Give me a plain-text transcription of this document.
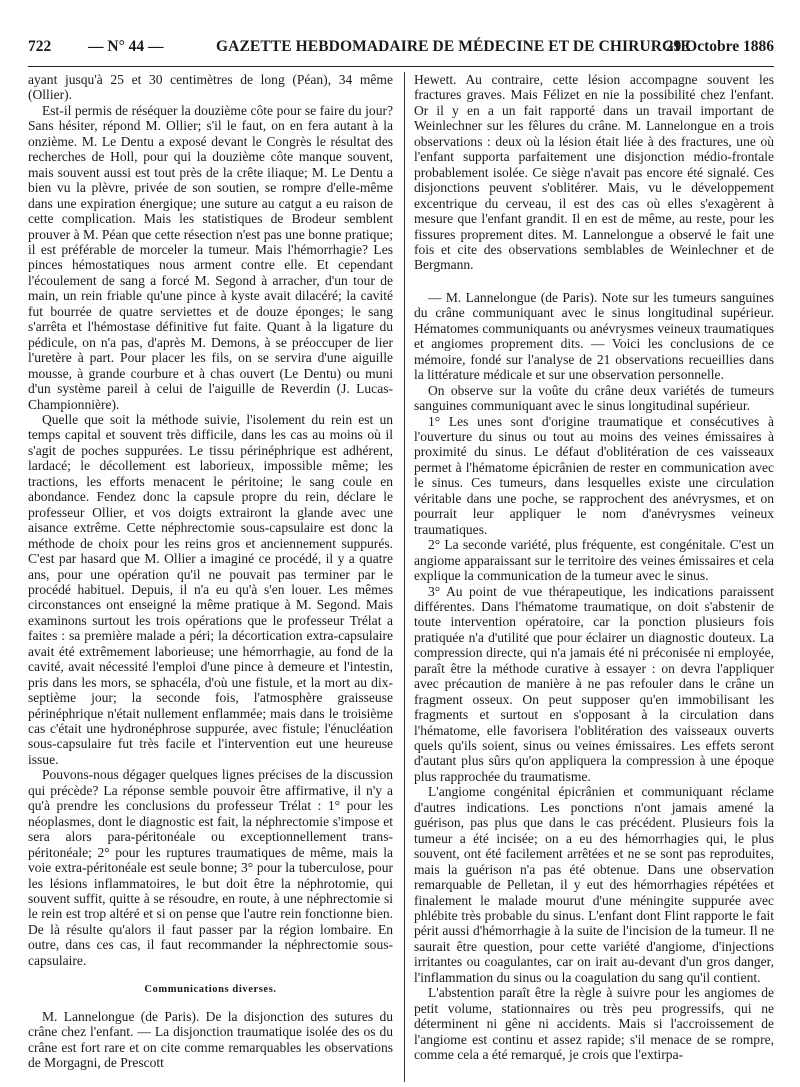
722 — N° 44 —	GAZETTE HEBDOMADAIRE DE MÉDECINE ET DE CHIRURGIE
29 Octobre 1886

ayant jusqu'à 25 et 30 centimètres de long (Péan), 34 même (Ollier).

Est-il permis de réséquer la douzième côte pour se faire du jour? Sans hésiter, répond M. Ollier; s'il le faut, on en fera autant à la onzième. M. Le Dentu a exposé devant le Congrès le résultat des recherches de Holl, pour qui la douzième côte manque souvent, mais souvent aussi est tout près de la crête iliaque; M. Le Dentu a bien vu la plèvre, privée de son soutien, se rompre d'elle-même dans une expiration énergique; une suture au catgut a eu raison de cette complication. Mais les statistiques de Brodeur semblent prouver à M. Péan que cette résection n'est pas une bonne pratique; il est préférable de morceler la tumeur. Mais l'hémorrhagie? Les pinces hémostatiques nous arment contre elle. Et cependant l'écoulement de sang a forcé M. Segond à arracher, d'un tour de main, un rein friable qu'une pince à kyste avait dilacéré; la cavité fut bourrée de quatre serviettes et de douze éponges; le sang s'arrêta et l'hémostase définitive fut faite. Quant à la ligature du pédicule, on n'a pas, d'après M. Demons, à se préoccuper de lier l'uretère à part. Pour placer les fils, on se servira d'une aiguille mousse, à grande courbure et à chas ouvert (Le Dentu) ou muni d'un système pareil à celui de l'aiguille de Reverdin (J. Lucas-Championnière).

Quelle que soit la méthode suivie, l'isolement du rein est un temps capital et souvent très difficile, dans les cas au moins où il s'agit de poches suppurées. Le tissu périnéphrique est adhérent, lardacé; le décollement est laborieux, impossible même; les tractions, les efforts menacent le péritoine; le sang coule en abondance. Fendez donc la capsule propre du rein, déclare le professeur Ollier, et vos doigts extrairont la glande avec une aisance extrême. Cette néphrectomie sous-capsulaire est donc la méthode de choix pour les reins gros et anciennement suppurés. C'est par hasard que M. Ollier a imaginé ce procédé, il y a quatre ans, pour une opération qu'il ne pouvait pas terminer par le procédé habituel. Depuis, il n'a eu qu'à s'en louer. Les mêmes circonstances ont enseigné la même pratique à M. Segond. Mais examinons surtout les trois opérations que le professeur Trélat a faites : sa première malade a péri; la décortication extra-capsulaire avait été extrêmement laborieuse; une hémorrhagie, au fond de la cavité, avait nécessité l'emploi d'une pince à demeure et l'intestin, pris dans les mors, se sphacéla, d'où une fistule, et la mort au dix-septième jour; la seconde fois, l'atmosphère graisseuse périnéphrique n'était nullement enflammée; mais dans le troisième cas c'était une hydronéphrose suppurée, avec fistule; l'énucléation sous-capsulaire fut très facile et l'intervention eut une heureuse issue.

Pouvons-nous dégager quelques lignes précises de la discussion qui précède? La réponse semble pouvoir être affirmative, il n'y a qu'à prendre les conclusions du professeur Trélat : 1° pour les néoplasmes, dont le diagnostic est fait, la néphrectomie s'impose et sera alors para-péritonéale ou exceptionnellement trans-péritonéale; 2° pour les ruptures traumatiques de même, mais la voie extra-péritonéale est seule bonne; 3° pour la tuberculose, pour les lésions inflammatoires, le but doit être la néphrotomie, qui souvent suffit, quitte à se résoudre, en route, à une néphrectomie si le rein est trop altéré et si on pense que l'autre rein fonctionne bien. De là résulte qu'alors il faut passer par la région lombaire. En outre, dans ces cas, il faut recommander la néphrectomie sous-capsulaire.

Communications diverses.

M. Lannelongue (de Paris). De la disjonction des sutures du crâne chez l'enfant. — La disjonction traumatique isolée des os du crâne est fort rare et on cite comme remarquables les observations de Morgagni, de Prescott

Hewett. Au contraire, cette lésion accompagne souvent les fractures graves. Mais Félizet en nie la possibilité chez l'enfant. Or il y en a un fait rapporté dans un travail important de Weinlechner sur les fêlures du crâne. M. Lannelongue en a trois observations : deux où la lésion était liée à des fractures, une où l'enfant supporta parfaitement une disjonction médio-frontale probablement isolée. Ce siège n'avait pas encore été signalé. Ces disjonctions peuvent s'oblitérer. Mais, vu le développement excentrique du cerveau, il est des cas où elles s'exagèrent à mesure que l'enfant grandit. Il en est de même, au reste, pour les fissures proprement dites. M. Lannelongue a observé le fait une fois et cite des observations semblables de Weinlechner et de Bergmann.

— M. Lannelongue (de Paris). Note sur les tumeurs sanguines du crâne communiquant avec le sinus longitudinal supérieur. Hématomes communiquants ou anévrysmes veineux traumatiques et angiomes proprement dits. — Voici les conclusions de ce mémoire, fondé sur l'analyse de 21 observations recueillies dans la littérature médicale et sur une observation personnelle.

On observe sur la voûte du crâne deux variétés de tumeurs sanguines communiquant avec le sinus longitudinal supérieur.

1° Les unes sont d'origine traumatique et consécutives à l'ouverture du sinus ou tout au moins des veines émissaires à proximité du sinus. Le défaut d'oblitération de ces vaisseaux permet à l'hématome épicrânien de rester en communication avec le sinus. Ces tumeurs, dans lesquelles existe une circulation véritable dans une poche, se rapprochent des anévrysmes, et on pourrait leur appliquer le nom d'anévrysmes veineux traumatiques.

2° La seconde variété, plus fréquente, est congénitale. C'est un angiome apparaissant sur le territoire des veines émissaires et cela explique la communication de la tumeur avec le sinus.

3° Au point de vue thérapeutique, les indications paraissent différentes. Dans l'hématome traumatique, on doit s'abstenir de toute intervention opératoire, car la ponction plusieurs fois pratiquée n'a d'utilité que pour éclairer un diagnostic douteux. La compression directe, qui n'a jamais été ni préconisée ni employée, paraît être la méthode curative à essayer : on devra l'appliquer avec précaution de manière à ne pas refouler dans le crâne un fragment osseux. On peut supposer qu'en immobilisant les fragments et surtout en s'opposant à la circulation dans l'hématome, elle favorisera l'oblitération des vaisseaux ouverts quels qu'ils soient, sinus ou veines émissaires. Les effets seront d'autant plus sûrs qu'on appliquera la compression à une époque plus rapprochée du traumatisme.

L'angiome congénital épicrânien et communiquant réclame d'autres indications. Les ponctions n'ont jamais amené la guérison, pas plus que dans le cas précédent. Plusieurs fois la tumeur a été incisée; on a eu des hémorrhagies qui, le plus souvent, ont été facilement arrêtées et ne se sont pas reproduites, mais la guérison n'a pas été obtenue. Dans une observation remarquable de Pelletan, il y eut des hémorrhagies répétées et finalement le malade mourut d'une méningite suppurée avec phlébite très probable du sinus. L'enfant dont Flint rapporte le fait périt aussi d'hémorrhagie à la suite de l'incision de la tumeur. Il ne saurait être question, pour cette variété d'angiome, d'injections irritantes ou coagulantes, car on irait au-devant d'un gros danger, l'inflammation du sinus ou la coagulation du sang qu'il contient.

L'abstention paraît être la règle à suivre pour les angiomes de petit volume, stationnaires ou très peu progressifs, qui ne déterminent ni gêne ni accidents. Mais si l'accroissement de l'angiome est continu et assez rapide; s'il menace de se rompre, comme cela a été remarqué, je crois que l'extirpa-
